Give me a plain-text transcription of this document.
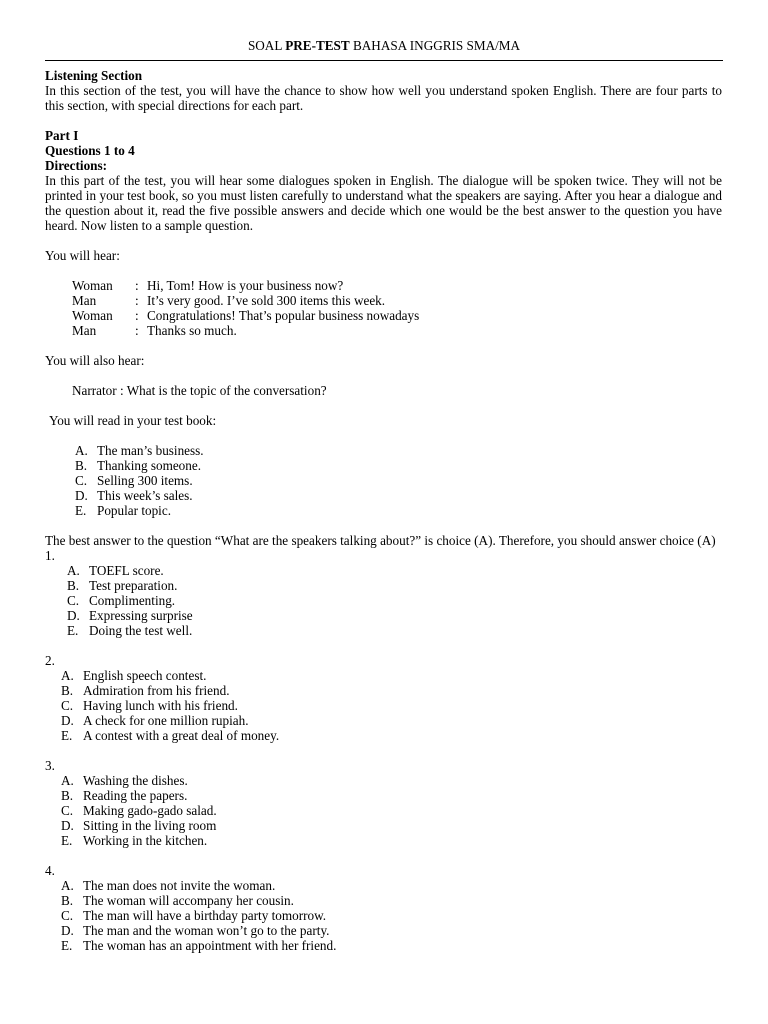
SOAL PRE-TEST BAHASA INGGRIS SMA/MA

Listening Section

In this section of the test, you will have the chance to show how well you understand spoken English. There are four parts to this section, with special directions for each part.

Part I

Questions 1 to 4

Directions:

In this part of the test, you will hear some dialogues spoken in English. The dialogue will be spoken twice. They will not be printed in your test book, so you must listen carefully to understand what the speakers are saying. After you hear a dialogue and the question about it, read the five possible answers and decide which one would be the best answer to the question you have heard. Now listen to a sample question.

You will hear:

Woman	: Hi, Tom! How is your business now?
Man	: It’s very good. I’ve sold 300 items this week.
Woman	: Congratulations! That’s popular business nowadays
Man	: Thanks so much.

You will also hear:

Narrator : What is the topic of the conversation?

You will read in your test book:

A. The man’s business.
B. Thanking someone.
C. Selling 300 items.
D. This week’s sales.
E. Popular topic.

The best answer to the question “What are the speakers talking about?” is choice (A). Therefore, you should answer choice (A)

1.

A. TOEFL score.
B. Test preparation.
C. Complimenting.
D. Expressing surprise
E. Doing the test well.

2.

A. English speech contest.
B. Admiration from his friend.
C. Having lunch with his friend.
D. A check for one million rupiah.
E. A contest with a great deal of money.

3.

A. Washing the dishes.
B. Reading the papers.
C. Making gado-gado salad.
D. Sitting in the living room
E. Working in the kitchen.

4.

A. The man does not invite the woman.
B. The woman will accompany her cousin.
C. The man will have a birthday party tomorrow.
D. The man and the woman won’t go to the party.
E. The woman has an appointment with her friend.
